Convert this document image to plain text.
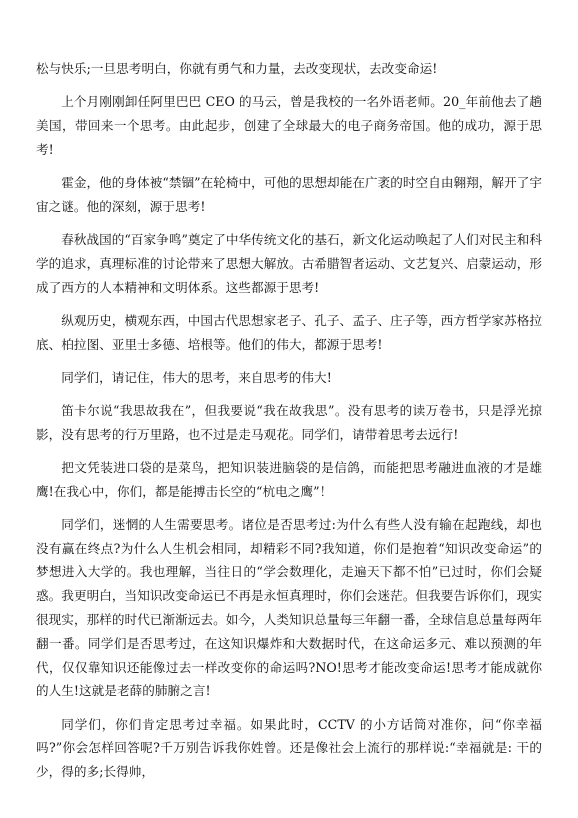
松与快乐;一旦思考明白，你就有勇气和力量，去改变现状，去改变命运!

上个月刚刚卸任阿里巴巴 CEO 的马云，曾是我校的一名外语老师。20_年前他去了趟美国，带回来一个思考。由此起步，创建了全球最大的电子商务帝国。他的成功，源于思考!

霍金，他的身体被“禁锢”在轮椅中，可他的思想却能在广袤的时空自由翱翔，解开了宇宙之谜。他的深刻，源于思考!

春秋战国的“百家争鸣”奠定了中华传统文化的基石，新文化运动唤起了人们对民主和科学的追求，真理标准的讨论带来了思想大解放。古希腊智者运动、文艺复兴、启蒙运动，形成了西方的人本精神和文明体系。这些都源于思考!

纵观历史，横观东西，中国古代思想家老子、孔子、孟子、庄子等，西方哲学家苏格拉底、柏拉图、亚里士多德、培根等。他们的伟大，都源于思考!

同学们，请记住，伟大的思考，来自思考的伟大!

笛卡尔说“我思故我在”，但我要说“我在故我思”。没有思考的读万卷书，只是浮光掠影，没有思考的行万里路，也不过是走马观花。同学们，请带着思考去远行!

把文凭装进口袋的是菜鸟，把知识装进脑袋的是信鸽，而能把思考融进血液的才是雄鹰!在我心中，你们，都是能搏击长空的“杭电之鹰”！

同学们，迷惘的人生需要思考。诸位是否思考过:为什么有些人没有输在起跑线，却也没有赢在终点?为什么人生机会相同，却精彩不同?我知道，你们是抱着“知识改变命运”的梦想进入大学的。我也理解，当往日的“学会数理化，走遍天下都不怕”已过时，你们会疑惑。我更明白，当知识改变命运已不再是永恒真理时，你们会迷茫。但我要告诉你们，现实很现实，那样的时代已渐渐远去。如今，人类知识总量每三年翻一番，全球信息总量每两年翻一番。同学们是否思考过，在这知识爆炸和大数据时代，在这命运多元、难以预测的年代，仅仅靠知识还能像过去一样改变你的命运吗?NO!思考才能改变命运!思考才能成就你的人生!这就是老薛的肺腑之言!

同学们，你们肯定思考过幸福。如果此时，CCTV 的小方话筒对准你，问“你幸福吗?”你会怎样回答呢?千万别告诉我你姓曾。还是像社会上流行的那样说:“幸福就是: 干的少，得的多;长得帅，
